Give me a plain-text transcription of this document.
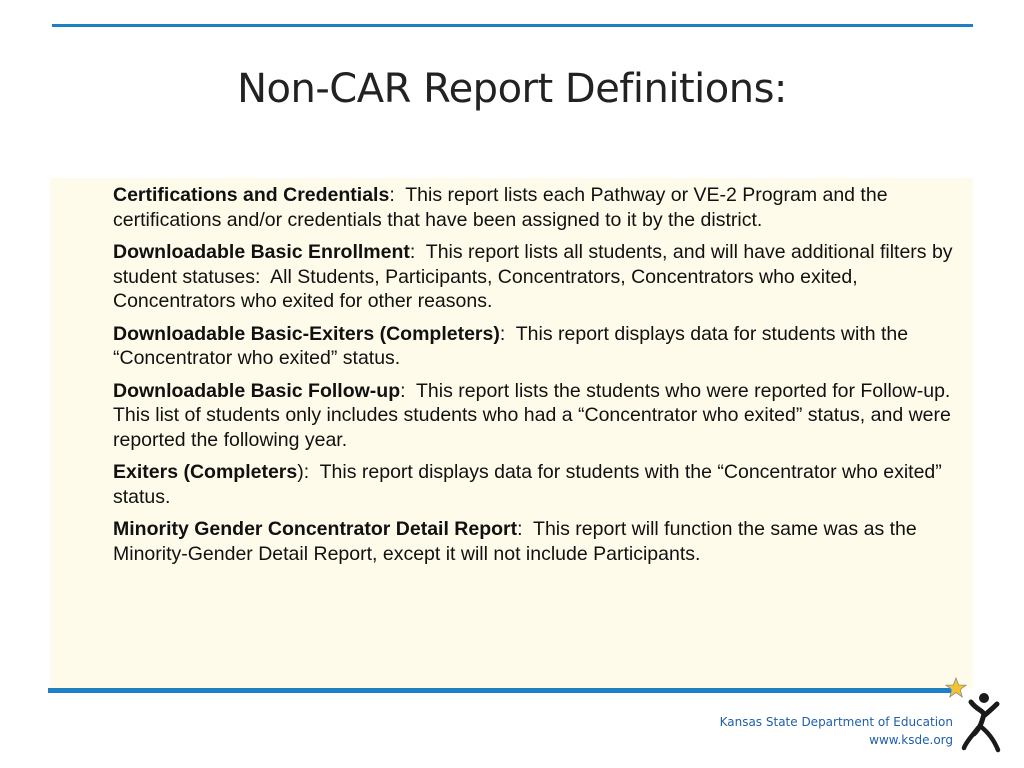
Non-CAR Report Definitions:

Certifications and Credentials:  This report lists each Pathway or VE-2 Program and the certifications and/or credentials that have been assigned to it by the district.

Downloadable Basic Enrollment:  This report lists all students, and will have additional filters by student statuses:  All Students, Participants, Concentrators, Concentrators who exited, Concentrators who exited for other reasons.

Downloadable Basic-Exiters (Completers):  This report displays data for students with the “Concentrator who exited” status.

Downloadable Basic Follow-up:  This report lists the students who were reported for Follow-up.  This list of students only includes students who had a “Concentrator who exited” status, and were reported the following year.

Exiters (Completers):  This report displays data for students with the “Concentrator who exited” status.

Minority Gender Concentrator Detail Report:  This report will function the same was as the Minority-Gender Detail Report, except it will not include Participants.

Kansas State Department of Education
www.ksde.org
